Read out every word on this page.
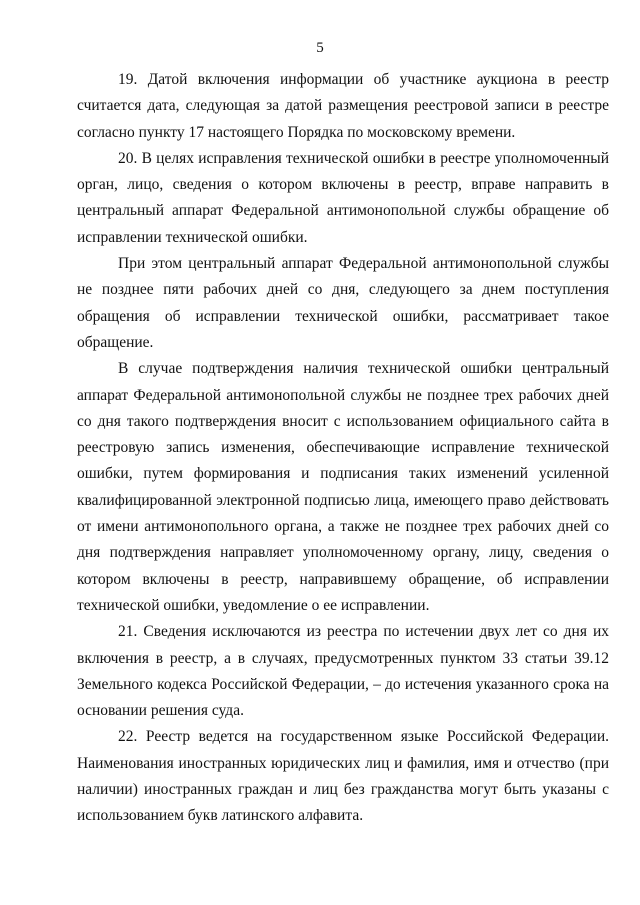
5

19. Датой включения информации об участнике аукциона в реестр считается дата, следующая за датой размещения реестровой записи в реестре согласно пункту 17 настоящего Порядка по московскому времени.

20. В целях исправления технической ошибки в реестре уполномоченный орган, лицо, сведения о котором включены в реестр, вправе направить в центральный аппарат Федеральной антимонопольной службы обращение об исправлении технической ошибки.

При этом центральный аппарат Федеральной антимонопольной службы не позднее пяти рабочих дней со дня, следующего за днем поступления обращения об исправлении технической ошибки, рассматривает такое обращение.

В случае подтверждения наличия технической ошибки центральный аппарат Федеральной антимонопольной службы не позднее трех рабочих дней со дня такого подтверждения вносит с использованием официального сайта в реестровую запись изменения, обеспечивающие исправление технической ошибки, путем формирования и подписания таких изменений усиленной квалифицированной электронной подписью лица, имеющего право действовать от имени антимонопольного органа, а также не позднее трех рабочих дней со дня подтверждения направляет уполномоченному органу, лицу, сведения о котором включены в реестр, направившему обращение, об исправлении технической ошибки, уведомление о ее исправлении.

21. Сведения исключаются из реестра по истечении двух лет со дня их включения в реестр, а в случаях, предусмотренных пунктом 33 статьи 39.12 Земельного кодекса Российской Федерации, – до истечения указанного срока на основании решения суда.

22. Реестр ведется на государственном языке Российской Федерации. Наименования иностранных юридических лиц и фамилия, имя и отчество (при наличии) иностранных граждан и лиц без гражданства могут быть указаны с использованием букв латинского алфавита.
